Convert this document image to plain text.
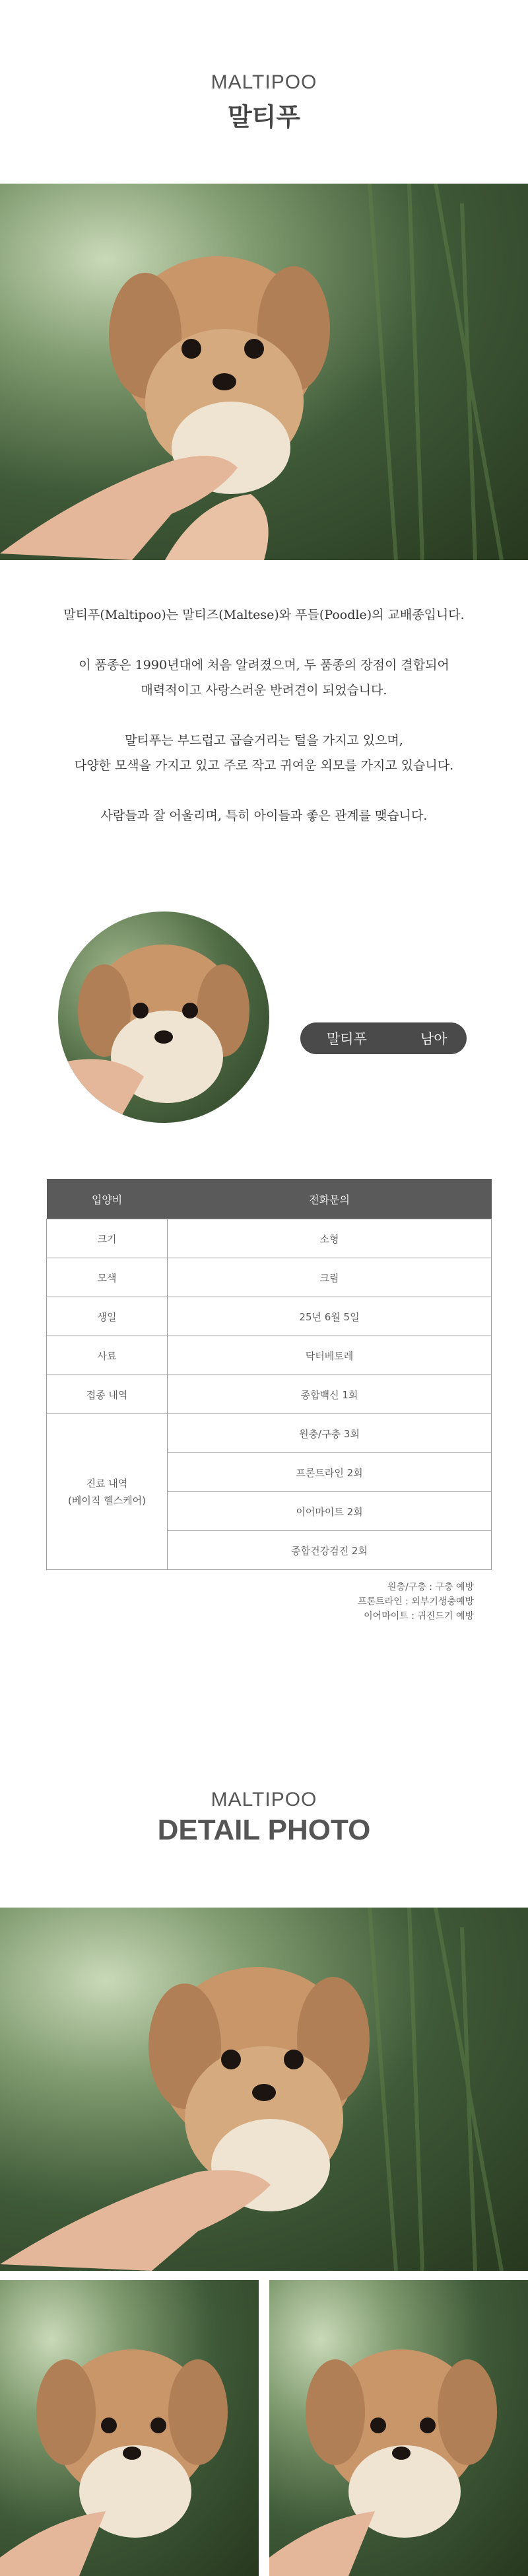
MALTIPOO
말티푸

말티푸(Maltipoo)는 말티즈(Maltese)와 푸들(Poodle)의 교배종입니다.

이 품종은 1990년대에 처음 알려졌으며, 두 품종의 장점이 결합되어
매력적이고 사랑스러운 반려견이 되었습니다.

말티푸는 부드럽고 곱슬거리는 털을 가지고 있으며,
다양한 모색을 가지고 있고 주로 작고 귀여운 외모를 가지고 있습니다.

사람들과 잘 어울리며, 특히 아이들과 좋은 관계를 맺습니다.

말티푸	남아
입양비	전화문의
크기	소형
모색	크림
생일	25년 6월 5일
사료	닥터베토레
접종 내역	종합백신 1회
진료 내역
(베이직 헬스케어)	원충/구충 3회
	프론트라인 2회
	이어마이트 2회
	종합건강검진 2회
원충/구충 : 구충 예방
프론트라인 : 외부기생충예방
이어마이트 : 귀진드기 예방
MALTIPOO
DETAIL PHOTO
